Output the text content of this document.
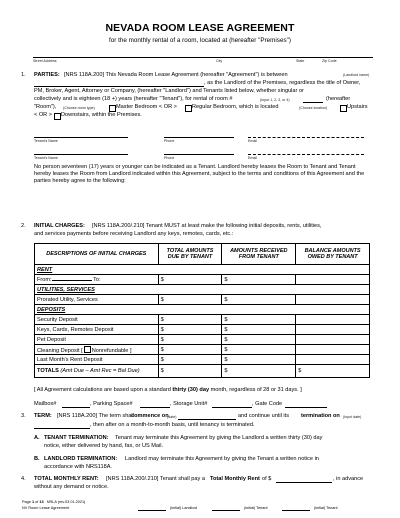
NEVADA ROOM LEASE AGREEMENT
for the monthly rental of a room, located at (hereafter "Premises")
Street Address	City	State	Zip Code
1. PARTIES: [NRS 118A.200] This Nevada Room Lease Agreement (hereafter "Agreement") is between	(Landlord name)
, as the Landlord of the Premises, regardless the title of Owner,
PM, Broker, Agent, Attorney or Company, (hereafter "Landlord") and Tenants listed below, whether singular or
collectively and is eighteen (18 +) years (hereafter "Tenant"), for rental of room #	(Input 1, 2, 3, or 4)	(hereafter
"Room"), (Choose room type)	Master Bedroom < OR >	Regular Bedroom, which is located	(Choose location)	Upstairs
< OR > Downstairs, within the Premises.
Tenant's Name	Phone	Email
Tenant's Name	Phone	Email
No person seventeen (17) years or younger can be indicated as a Tenant. Landlord hereby leases the Room to Tenant and Tenant hereby leases the Room from Landlord indicated within this Agreement, subject to the terms and conditions of this Agreement and the parties hereby agree to the following:
2. INITIAL CHARGES: [NRS 118A.200/.210] Tenant MUST at least make the following initial deposits, rents, utilities,
and services payments before receiving Landlord any keys, remotes, cards, etc.:
DESCRIPTIONS OF INITIAL CHARGES	TOTAL AMOUNTS DUE BY TENANT	AMOUNTS RECEIVED FROM TENANT	BALANCE AMOUNTS OWED BY TENANT
RENT			
From: To:	$	$	
UTILITIES, SERVICES			
Prorated Utility, Services	$	$	
DEPOSITS			
Security Deposit	$	$	
Keys, Cards, Remotes Deposit	$	$	
Pet Deposit	$	$	
Cleaning Deposit [ Nonrefundable ]	$	$	
Last Month's Rent Deposit	$	$	
TOTALS (Amt Due – Amt Rec = Bal Due)	$	$	$
[ All Agreement calculations are based upon a standard thirty (30) day month, regardless of 28 or 31 days. ]
Mailbox#	, Parking Space#	, Storage Unit#	, Gate Code
3. TERM: [NRS 118A.200] The term shall
commence on
(date)	and continue until its termination on (Input date)
, then after on a month-to-month basis, until tenancy is terminated.
A. TENANT TERMINATION: Tenant may terminate this Agreement by giving the Landlord a written thirty (30) day
notice, either delivered by hand, fax, or US Mail.
B. LANDLORD TERMINATION: Landlord may terminate this Agreement by giving the Tenant a written notice in
accordance with NRS118A.
4. TOTAL MONTHLY RENT: [NRS 118A.200/.210] Tenant shall pay a Total Monthly Rent of $	, in advance
without any demand or notice.
Page 1 of 13 NRLA (rev.03.01.2021)
NV Room Lease Agreement	(initial) Landlord	(initial) Tenant	(initial) Tenant
